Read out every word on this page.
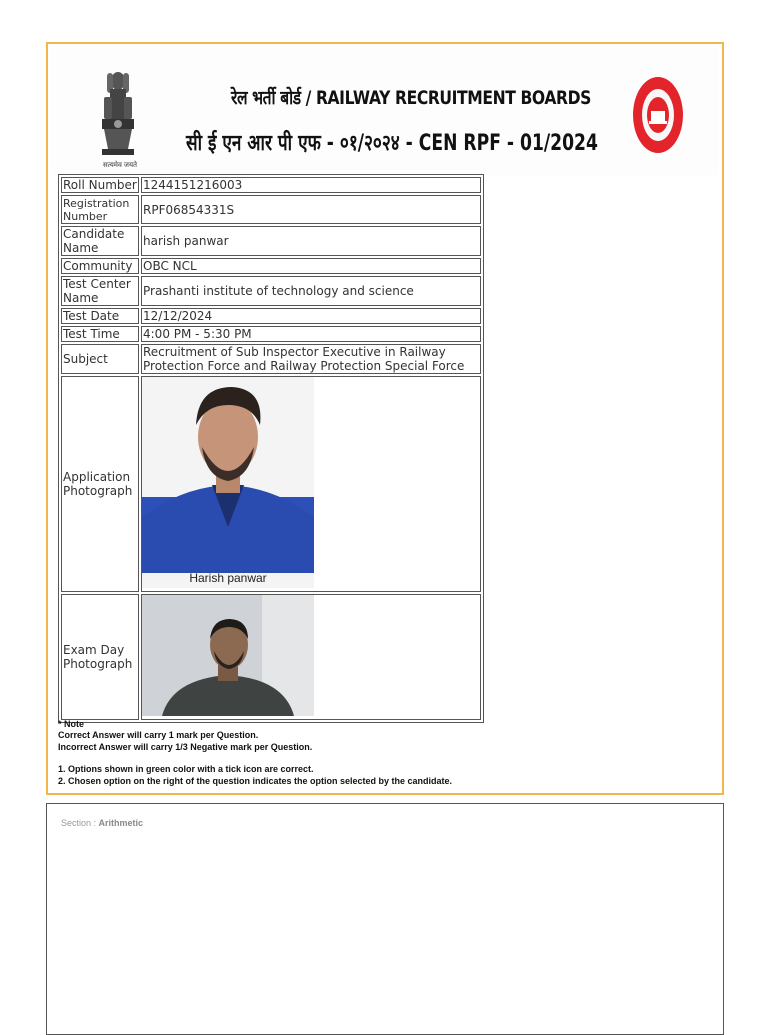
सत्यमेव जयते
रेल भर्ती बोर्ड / RAILWAY RECRUITMENT BOARDS
सी ई एन आर पी एफ - ०१/२०२४ - CEN RPF - 01/2024
Roll Number	1244151216003
Registration Number	RPF06854331S
Candidate Name	harish panwar
Community	OBC NCL
Test Center Name	Prashanti institute of technology and science
Test Date	12/12/2024
Test Time	4:00 PM - 5:30 PM
Subject	Recruitment of Sub Inspector Executive in Railway Protection Force and Railway Protection Special Force
Application Photograph	Harish panwar

Exam Day Photograph	
* Note
Correct Answer will carry 1 mark per Question.
Incorrect Answer will carry 1/3 Negative mark per Question.
1. Options shown in green color with a tick icon are correct.
2. Chosen option on the right of the question indicates the option selected by the candidate.
Section : Arithmetic
